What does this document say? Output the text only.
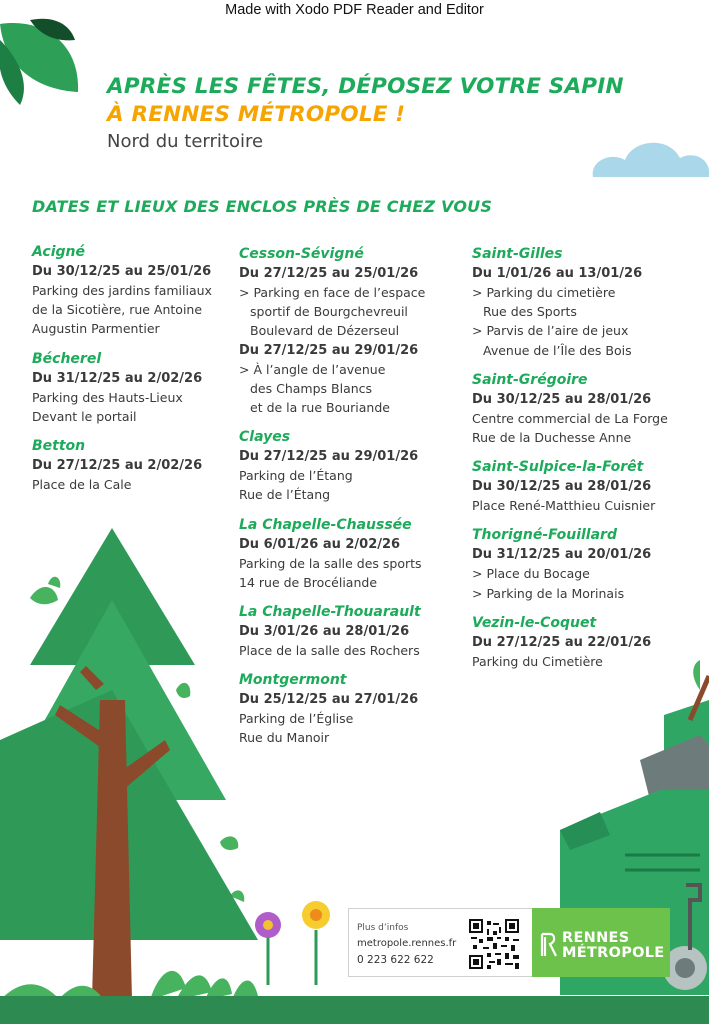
Made with Xodo PDF Reader and Editor
APRÈS LES FÊTES, DÉPOSEZ VOTRE SAPIN
À RENNES MÉTROPOLE !
Nord du territoire
DATES ET LIEUX DES ENCLOS PRÈS DE CHEZ VOUS
Acigné
Du 30/12/25 au 25/01/26
Parking des jardins familiaux
de la Sicotière, rue Antoine
Augustin Parmentier
Bécherel
Du 31/12/25 au 2/02/26
Parking des Hauts-Lieux
Devant le portail
Betton
Du 27/12/25 au 2/02/26
Place de la Cale
Cesson-Sévigné
Du 27/12/25 au 25/01/26
> Parking en face de l’espace
sportif de Bourgchevreuil
Boulevard de Dézerseul
Du 27/12/25 au 29/01/26
> À l’angle de l’avenue
des Champs Blancs
et de la rue Bouriande
Clayes
Du 27/12/25 au 29/01/26
Parking de l’Étang
Rue de l’Étang
La Chapelle-Chaussée
Du 6/01/26 au 2/02/26
Parking de la salle des sports
14 rue de Brocéliande
La Chapelle-Thouarault
Du 3/01/26 au 28/01/26
Place de la salle des Rochers
Montgermont
Du 25/12/25 au 27/01/26
Parking de l’Église
Rue du Manoir
Saint-Gilles
Du 1/01/26 au 13/01/26
> Parking du cimetière
Rue des Sports
> Parvis de l’aire de jeux
Avenue de l’Île des Bois
Saint-Grégoire
Du 30/12/25 au 28/01/26
Centre commercial de La Forge
Rue de la Duchesse Anne
Saint-Sulpice-la-Forêt
Du 30/12/25 au 28/01/26
Place René-Matthieu Cuisnier
Thorigné-Fouillard
Du 31/12/25 au 20/01/26
> Place du Bocage
> Parking de la Morinais
Vezin-le-Coquet
Du 27/12/25 au 22/01/26
Parking du Cimetière
Plus d’infos
metropole.rennes.fr
0 223 622 622
RENNES
MÉTROPOLE
